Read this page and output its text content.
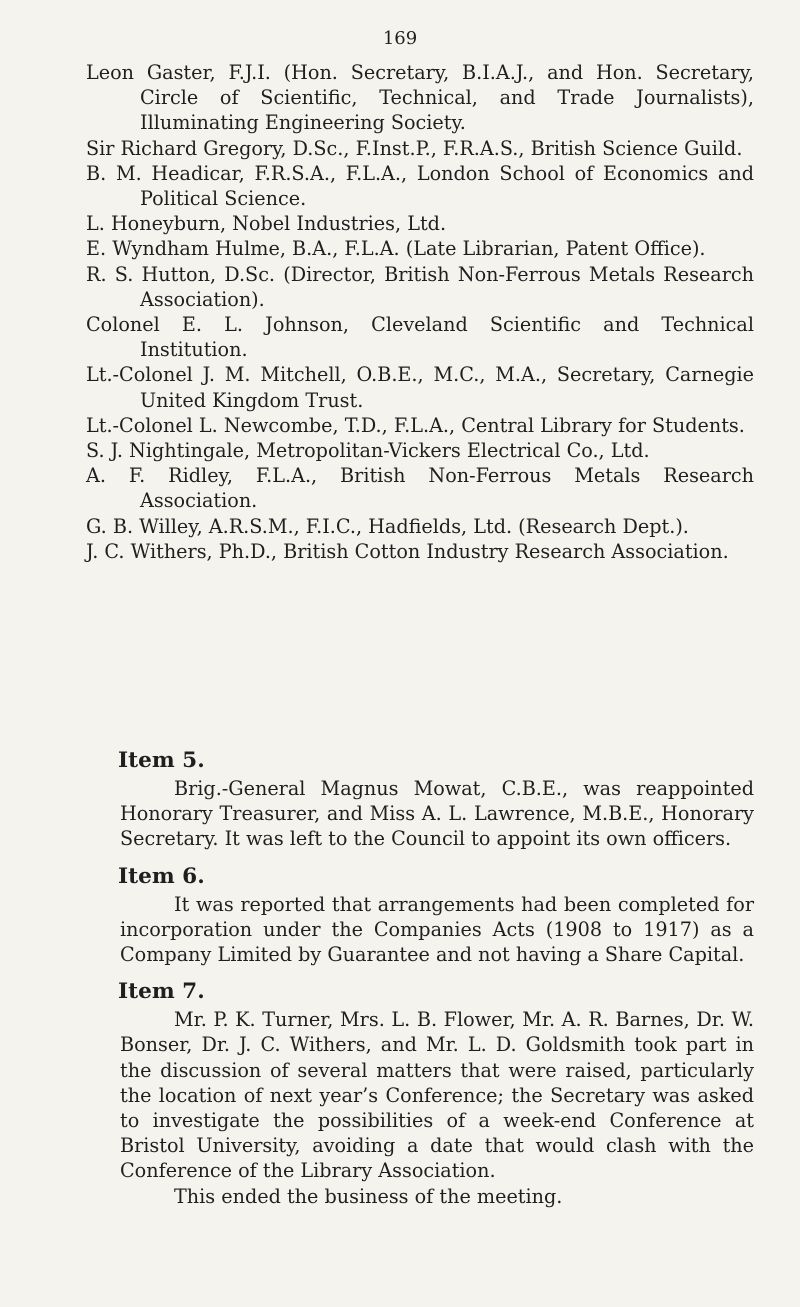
169
Leon Gaster, F.J.I. (Hon. Secretary, B.I.A.J., and Hon. Secretary, Circle of Scientific, Technical, and Trade Journalists), Illuminating Engineering Society.
Sir Richard Gregory, D.Sc., F.Inst.P., F.R.A.S., British Science Guild.
B. M. Headicar, F.R.S.A., F.L.A., London School of Economics and Political Science.
L. Honeyburn, Nobel Industries, Ltd.
E. Wyndham Hulme, B.A., F.L.A. (Late Librarian, Patent Office).
R. S. Hutton, D.Sc. (Director, British Non-Ferrous Metals Research Association).
Colonel E. L. Johnson, Cleveland Scientific and Technical Institution.
Lt.-Colonel J. M. Mitchell, O.B.E., M.C., M.A., Secretary, Carnegie United Kingdom Trust.
Lt.-Colonel L. Newcombe, T.D., F.L.A., Central Library for Students.
S. J. Nightingale, Metropolitan-Vickers Electrical Co., Ltd.
A. F. Ridley, F.L.A., British Non-Ferrous Metals Research Association.
G. B. Willey, A.R.S.M., F.I.C., Hadfields, Ltd. (Research Dept.).
J. C. Withers, Ph.D., British Cotton Industry Research Association.
Item 5.

Brig.-General Magnus Mowat, C.B.E., was reappointed Honorary Treasurer, and Miss A. L. Lawrence, M.B.E., Honorary Secretary. It was left to the Council to appoint its own officers.

Item 6.

It was reported that arrangements had been completed for incorporation under the Companies Acts (1908 to 1917) as a Company Limited by Guarantee and not having a Share Capital.

Item 7.

Mr. P. K. Turner, Mrs. L. B. Flower, Mr. A. R. Barnes, Dr. W. Bonser, Dr. J. C. Withers, and Mr. L. D. Goldsmith took part in the discussion of several matters that were raised, particularly the location of next year’s Conference; the Secretary was asked to investigate the possibilities of a week-end Conference at Bristol University, avoiding a date that would clash with the Conference of the Library Association.

This ended the business of the meeting.
